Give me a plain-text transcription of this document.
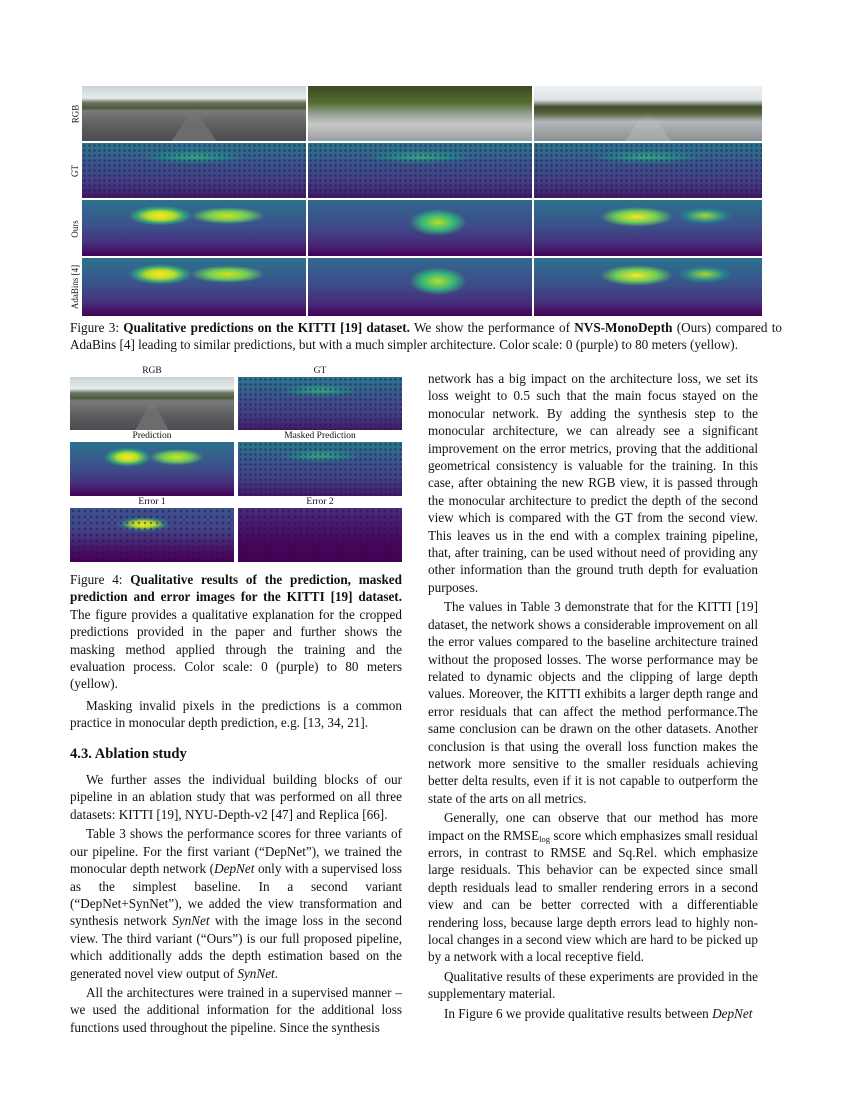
RGB
GT
Ours
AdaBins [4]
Figure 3: Qualitative predictions on the KITTI [19] dataset. We show the performance of NVS-MonoDepth (Ours) compared to AdaBins [4] leading to similar predictions, but with a much simpler architecture. Color scale: 0 (purple) to 80 meters (yellow).
RGB	GT
Prediction	Masked Prediction
Error 1	Error 2

Figure 4: Qualitative results of the prediction, masked prediction and error images for the KITTI [19] dataset. The figure provides a qualitative explanation for the cropped predictions provided in the paper and further shows the masking method applied through the training and the evaluation process. Color scale: 0 (purple) to 80 meters (yellow).

Masking invalid pixels in the predictions is a common practice in monocular depth prediction, e.g. [13, 34, 21].

4.3. Ablation study

We further asses the individual building blocks of our pipeline in an ablation study that was performed on all three datasets: KITTI [19], NYU-Depth-v2 [47] and Replica [66].

Table 3 shows the performance scores for three variants of our pipeline. For the first variant (“DepNet”), we trained the monocular depth network (DepNet only with a supervised loss as the simplest baseline. In a second variant (“DepNet+SynNet”), we added the view transformation and synthesis network SynNet with the image loss in the second view. The third variant (“Ours”) is our full proposed pipeline, which additionally adds the depth estimation based on the generated novel view output of SynNet.

All the architectures were trained in a supervised manner – we used the additional information for the additional loss functions used throughout the pipeline. Since the synthesis

network has a big impact on the architecture loss, we set its loss weight to 0.5 such that the main focus stayed on the monocular network. By adding the synthesis step to the monocular architecture, we can already see a significant improvement on the error metrics, proving that the additional geometrical consistency is valuable for the training. In this case, after obtaining the new RGB view, it is passed through the monocular architecture to predict the depth of the second view which is compared with the GT from the second view. This leaves us in the end with a complex training pipeline, that, after training, can be used without need of providing any other information than the ground truth depth for evaluation purposes.

The values in Table 3 demonstrate that for the KITTI [19] dataset, the network shows a considerable improvement on all the error values compared to the baseline architecture trained without the proposed losses. The worse performance may be related to dynamic objects and the clipping of large depth values. Moreover, the KITTI exhibits a larger depth range and error residuals that can affect the method performance.The same conclusion can be drawn on the other datasets. Another conclusion is that using the overall loss function makes the network more sensitive to the smaller residuals achieving better delta results, even if it is not capable to outperform the state of the arts on all metrics.

Generally, one can observe that our method has more impact on the $RMSE_{log}$ score which emphasizes small residual errors, in contrast to RMSE and Sq.Rel. which emphasize large residuals. This behavior can be expected since small depth residuals lead to smaller rendering errors in a second view and can be better corrected with a differentiable rendering loss, because large depth errors lead to highly non-local changes in a second view which are hard to be picked up by a network with a local receptive field.

Qualitative results of these experiments are provided in the supplementary material.

In Figure 6 we provide qualitative results between DepNet
